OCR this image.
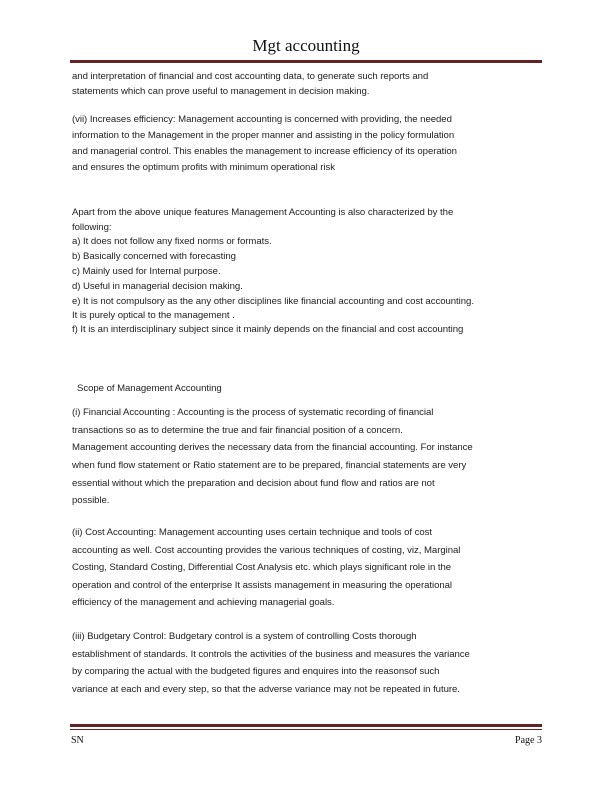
Mgt accounting
and interpretation of financial and cost accounting data, to generate such reports and
statements which can prove useful to management in decision making.
(vii) Increases efficiency: Management accounting is concerned with providing, the needed
information to the Management in the proper manner and assisting in the policy formulation
and managerial control. This enables the management to increase efficiency of its operation
and ensures the optimum profits with minimum operational risk
Apart from the above unique features Management Accounting is also characterized by the
following:
a) It does not follow any fixed norms or formats.
b) Basically concerned with forecasting
c) Mainly used for Internal purpose.
d) Useful in managerial decision making.
e) It is not compulsory as the any other disciplines like financial accounting and cost accounting.
It is purely optical to the management .
f) It is an interdisciplinary subject since it mainly depends on the financial and cost accounting
Scope of Management Accounting
(i) Financial Accounting : Accounting is the process of systematic recording of financial
transactions so as to determine the true and fair financial position of a concern.
Management accounting derives the necessary data from the financial accounting. For instance
when fund flow statement or Ratio statement are to be prepared, financial statements are very
essential without which the preparation and decision about fund flow and ratios are not
possible.
(ii) Cost Accounting: Management accounting uses certain technique and tools of cost
accounting as well. Cost accounting provides the various techniques of costing, viz, Marginal
Costing, Standard Costing, Differential Cost Analysis etc. which plays significant role in the
operation and control of the enterprise It assists management in measuring the operational
efficiency of the management and achieving managerial goals.
(iii) Budgetary Control: Budgetary control is a system of controlling Costs thorough
establishment of standards. It controls the activities of the business and measures the variance
by comparing the actual with the budgeted figures and enquires into the reasonsof such
variance at each and every step, so that the adverse variance may not be repeated in future.
SN	Page 3
